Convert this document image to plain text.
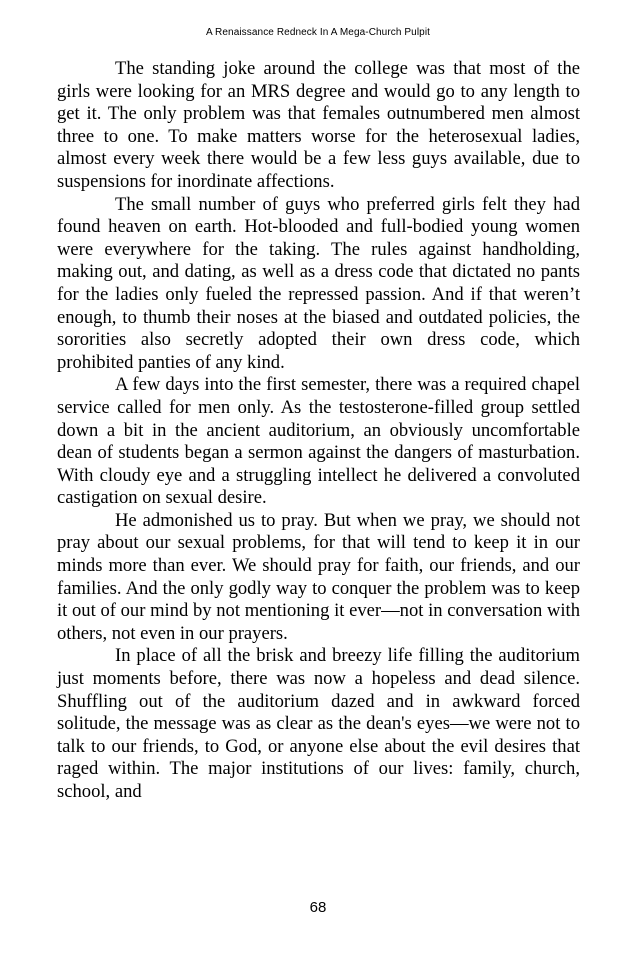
A Renaissance Redneck In A Mega-Church Pulpit

The standing joke around the college was that most of the girls were looking for an MRS degree and would go to any length to get it. The only problem was that females outnumbered men almost three to one. To make matters worse for the heterosexual ladies, almost every week there would be a few less guys available, due to suspensions for inordinate affections.

The small number of guys who preferred girls felt they had found heaven on earth. Hot-blooded and full-bodied young women were everywhere for the taking. The rules against handholding, making out, and dating, as well as a dress code that dictated no pants for the ladies only fueled the repressed passion. And if that weren’t enough, to thumb their noses at the biased and outdated policies, the sororities also secretly adopted their own dress code, which prohibited panties of any kind.

A few days into the first semester, there was a required chapel service called for men only. As the testosterone-filled group settled down a bit in the ancient auditorium, an obviously uncomfortable dean of students began a sermon against the dangers of masturbation. With cloudy eye and a struggling intellect he delivered a convoluted castigation on sexual desire.

He admonished us to pray. But when we pray, we should not pray about our sexual problems, for that will tend to keep it in our minds more than ever. We should pray for faith, our friends, and our families. And the only godly way to conquer the problem was to keep it out of our mind by not mentioning it ever—not in conversation with others, not even in our prayers.

In place of all the brisk and breezy life filling the auditorium just moments before, there was now a hopeless and dead silence. Shuffling out of the auditorium dazed and in awkward forced solitude, the message was as clear as the dean's eyes—we were not to talk to our friends, to God, or anyone else about the evil desires that raged within. The major institutions of our lives: family, church, school, and

68
